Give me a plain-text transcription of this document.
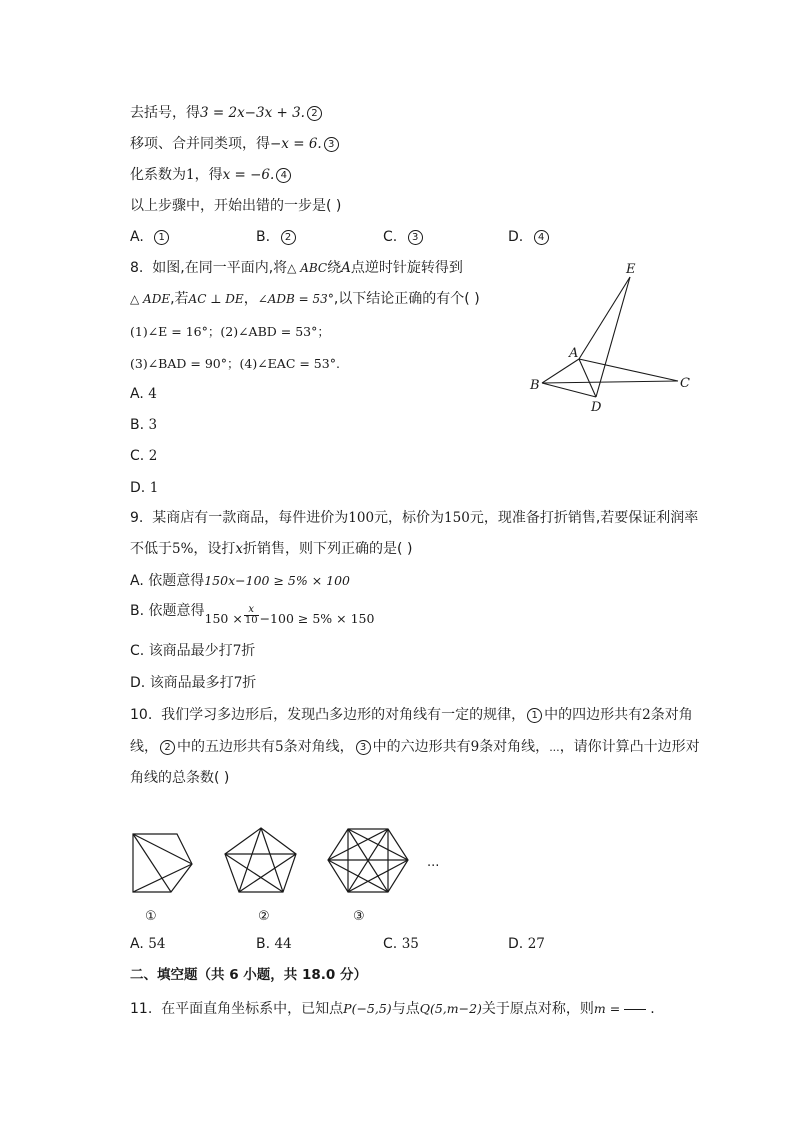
去括号，得3 = 2x−3x + 3. 2
移项、合并同类项，得−x = 6. 3
化系数为1，得x = −6. 4
以上步骤中，开始出错的一步是( )
A. 1	B. 2	C. 3	D. 4
8. 如图,在同一平面内,将△ ABC绕A点逆时针旋转得到
△ ADE,若AC ⊥ DE，∠ADB = 53°,以下结论正确的有个( )
(1)∠E = 16°；(2)∠ABD = 53°；
(3)∠BAD = 90°；(4)∠EAC = 53°.
A. 4
B. 3
C. 2
D. 1
E
A
B	C
D
9. 某商店有一款商品，每件进价为100元，标价为150元，现准备打折销售,若要保证利润率
不低于5%，设打x折销售，则下列正确的是( )
A. 依题意得150x−100 ≥ 5% × 100
B. 依题意得$150 \times \frac{x}{10} -100 \ge 5\% \times 150$
C. 该商品最少打7折
D. 该商品最多打7折
10. 我们学习多边形后，发现凸多边形的对角线有一定的规律， 1 中的四边形共有2条对角
线， 2 中的五边形共有5条对角线， 3 中的六边形共有9条对角线，...，请你计算凸十边形对
角线的总条数( )
①	②	③
···
A. 54	B. 44	C. 35	D. 27
二、填空题（共 6 小题，共 18.0 分）
11. 在平面直角坐标系中，已知点P(−5,5)与点Q(5,m−2)关于原点对称，则m = .
